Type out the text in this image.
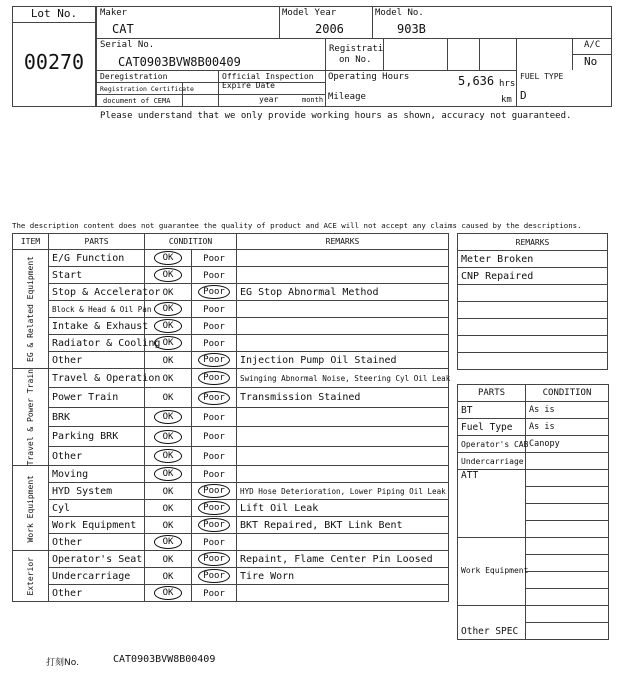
Lot No.
00270
Maker
CAT
Model Year
2006
Model No.
903B
Serial No.
CAT0903BVW8B00409
Registrati
on No.
A/C
No
Deregistration
Registration Certificate
document of CEMA
Official Inspection
Expire Date
year	month
Operating Hours	5,636 hrs
Mileage	km
FUEL TYPE
D
Please understand that we only provide working hours as shown, accuracy not guaranteed.
The description content does not guarantee the quality of product and ACE will not accept any claims caused by the descriptions.
ITEM	PARTS	CONDITION		REMARKS

EG & Related Equipment	E/G Function	OK	Poor	
	Start	OK	Poor	
	Stop & Accelerator	OK	Poor	EG Stop Abnormal Method
	Block & Head & Oil Pan	OK	Poor	
	Intake & Exhaust	OK	Poor	
	Radiator & Cooling	OK	Poor	
	Other	OK	Poor	Injection Pump Oil Stained

Travel & Power Train	Travel & Operation	OK	Poor	Swinging Abnormal Noise, Steering Cyl Oil Leak
	Power Train	OK	Poor	Transmission Stained
	BRK	OK	Poor	
	Parking BRK	OK	Poor	
	Other	OK	Poor	

Work Equipment	Moving	OK	Poor	
	HYD System	OK	Poor	HYD Hose Deterioration, Lower Piping Oil Leak
	Cyl	OK	Poor	Lift Oil Leak
	Work Equipment	OK	Poor	BKT Repaired, BKT Link Bent
	Other	OK	Poor	

Exterior	Operator's Seat	OK	Poor	Repaint, Flame Center Pin Loosed
	Undercarriage	OK	Poor	Tire Worn
	Other	OK	Poor	
REMARKS
Meter Broken
CNP Repaired

PARTS	CONDITION
BT	As is
Fuel Type	As is
Operator's CAB	Canopy
Undercarriage	
ATT	

Work Equipment	

Other SPEC	

打刻No.	CAT0903BVW8B00409
